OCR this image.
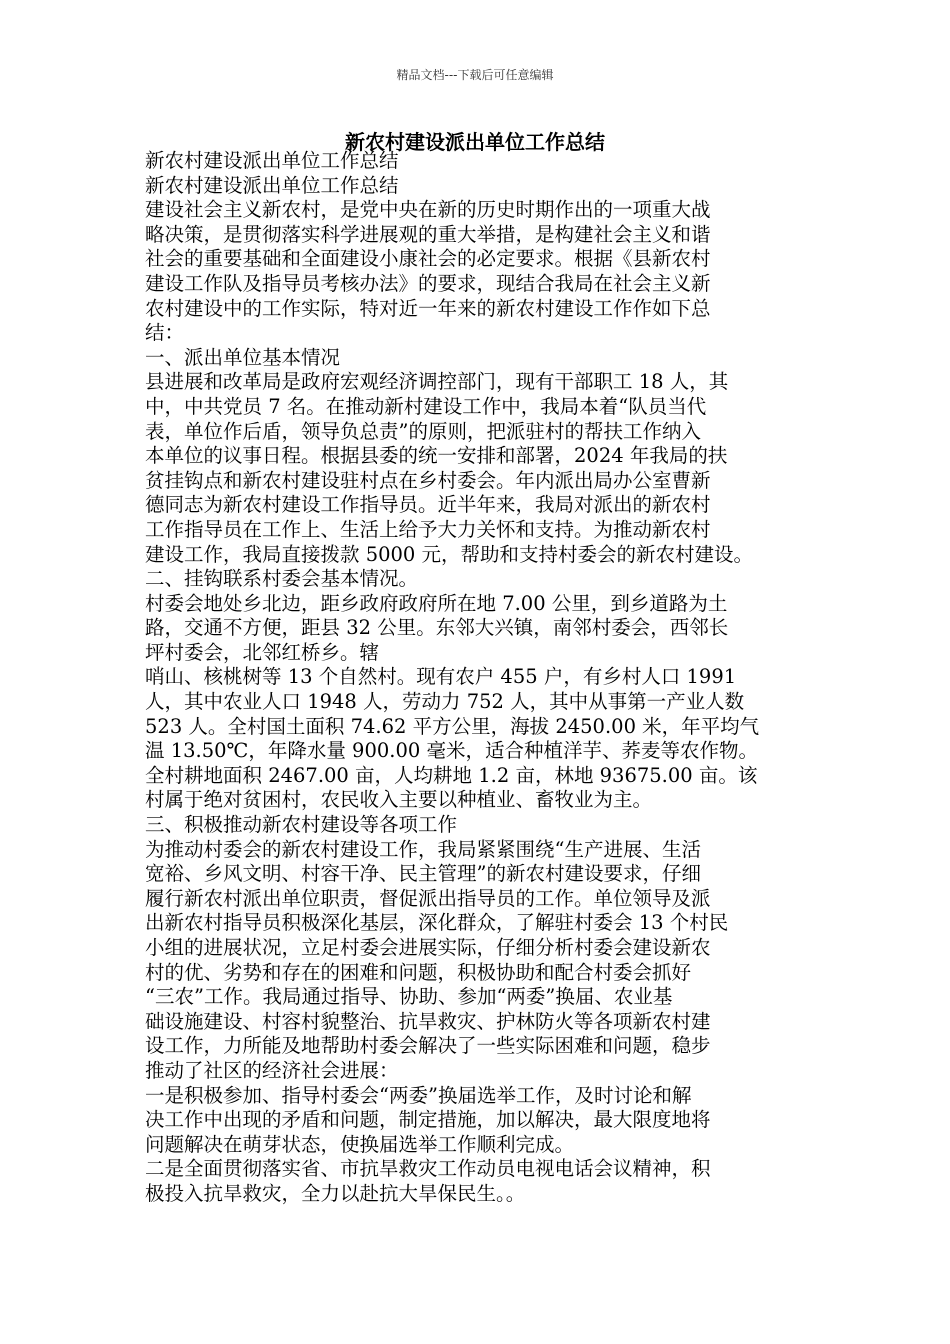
精品文档---下载后可任意编辑
新农村建设派出单位工作总结

新农村建设派出单位工作总结

新农村建设派出单位工作总结

建设社会主义新农村，是党中央在新的历史时期作出的一项重大战

略决策，是贯彻落实科学进展观的重大举措，是构建社会主义和谐

社会的重要基础和全面建设小康社会的必定要求。根据《县新农村

建设工作队及指导员考核办法》的要求，现结合我局在社会主义新

农村建设中的工作实际，特对近一年来的新农村建设工作作如下总

结：

一、派出单位基本情况

县进展和改革局是政府宏观经济调控部门，现有干部职工 18 人，其

中，中共党员 7 名。在推动新村建设工作中，我局本着“队员当代

表，单位作后盾，领导负总责”的原则，把派驻村的帮扶工作纳入

本单位的议事日程。根据县委的统一安排和部署，2024 年我局的扶

贫挂钩点和新农村建设驻村点在乡村委会。年内派出局办公室曹新

德同志为新农村建设工作指导员。近半年来，我局对派出的新农村

工作指导员在工作上、生活上给予大力关怀和支持。为推动新农村

建设工作，我局直接拨款 5000 元，帮助和支持村委会的新农村建设。

二、挂钩联系村委会基本情况。

村委会地处乡北边，距乡政府政府所在地 7.00 公里，到乡道路为土

路，交通不方便，距县 32 公里。东邻大兴镇，南邻村委会，西邻长

坪村委会，北邻红桥乡。辖

哨山、核桃树等 13 个自然村。现有农户 455 户，有乡村人口 1991

人，其中农业人口 1948 人，劳动力 752 人，其中从事第一产业人数

523 人。全村国土面积 74.62 平方公里，海拔 2450.00 米，年平均气

温 13.50℃，年降水量 900.00 毫米，适合种植洋芋、荞麦等农作物。

全村耕地面积 2467.00 亩，人均耕地 1.2 亩，林地 93675.00 亩。该

村属于绝对贫困村，农民收入主要以种植业、畜牧业为主。

三、积极推动新农村建设等各项工作

为推动村委会的新农村建设工作，我局紧紧围绕“生产进展、生活

宽裕、乡风文明、村容干净、民主管理”的新农村建设要求，仔细

履行新农村派出单位职责，督促派出指导员的工作。单位领导及派

出新农村指导员积极深化基层，深化群众，了解驻村委会 13 个村民

小组的进展状况，立足村委会进展实际，仔细分析村委会建设新农

村的优、劣势和存在的困难和问题，积极协助和配合村委会抓好

“三农”工作。我局通过指导、协助、参加“两委”换届、农业基

础设施建设、村容村貌整治、抗旱救灾、护林防火等各项新农村建

设工作，力所能及地帮助村委会解决了一些实际困难和问题，稳步

推动了社区的经济社会进展：

一是积极参加、指导村委会“两委”换届选举工作，及时讨论和解

决工作中出现的矛盾和问题，制定措施，加以解决，最大限度地将

问题解决在萌芽状态，使换届选举工作顺利完成。

二是全面贯彻落实省、市抗旱救灾工作动员电视电话会议精神，积

极投入抗旱救灾，全力以赴抗大旱保民生。。
